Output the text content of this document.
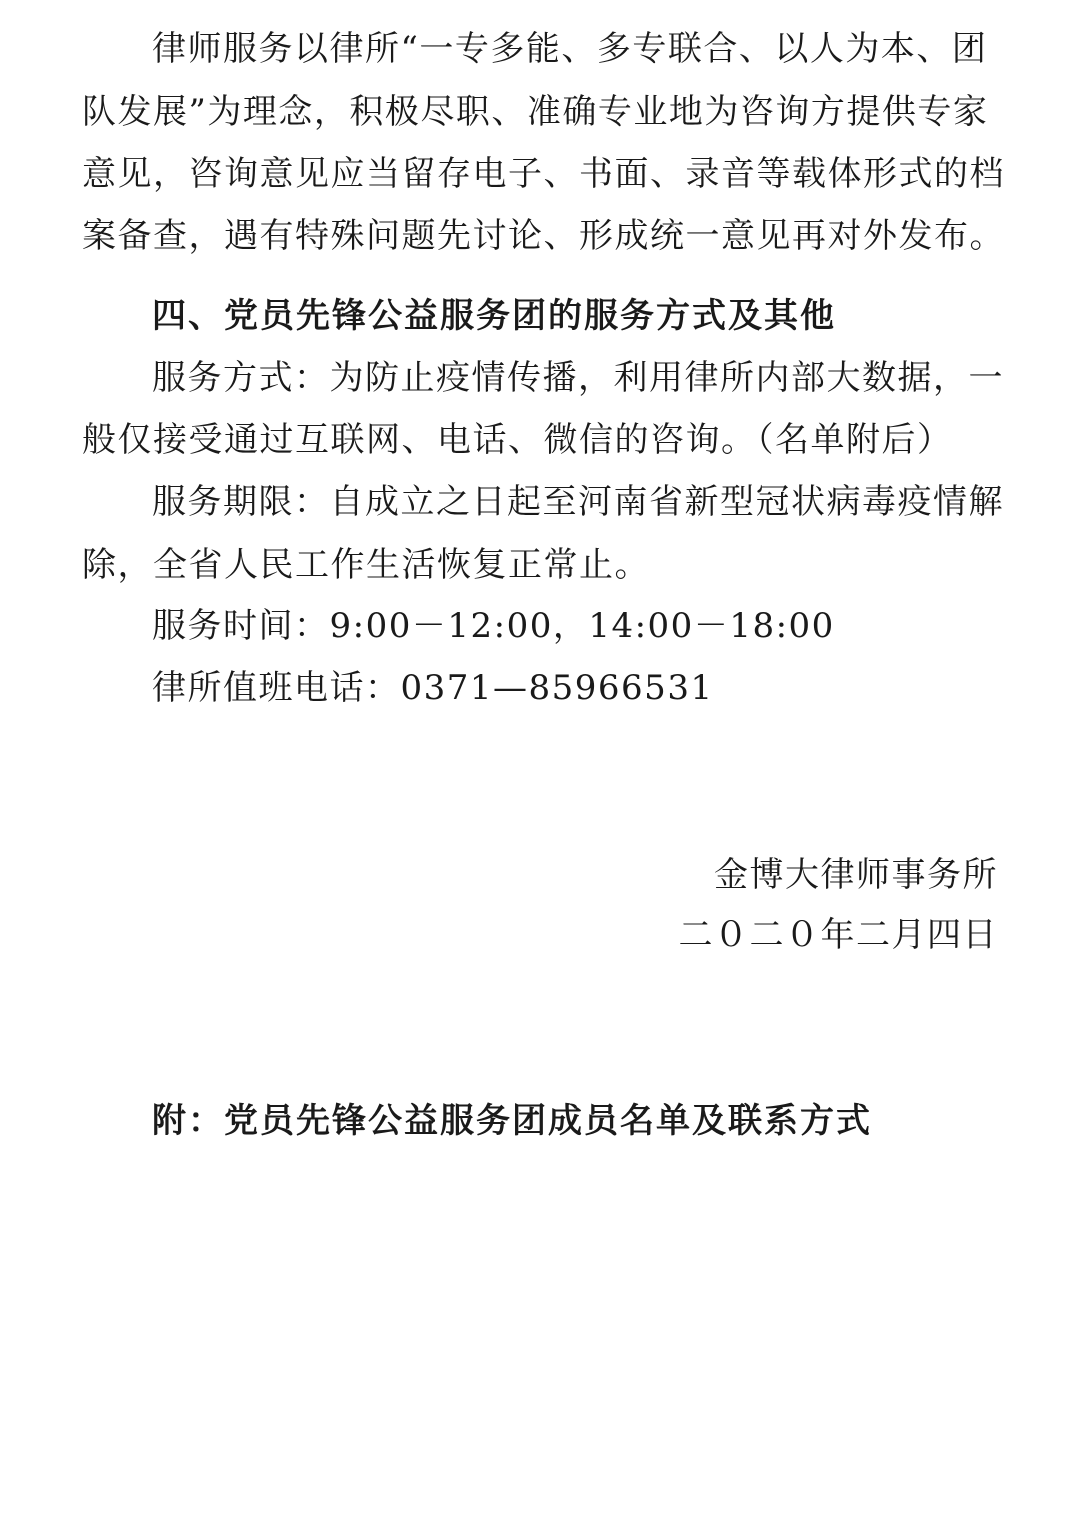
律师服务以律所“一专多能、多专联合、以人为本、团
队发展”为理念，积极尽职、准确专业地为咨询方提供专家
意见，咨询意见应当留存电子、书面、录音等载体形式的档
案备查，遇有特殊问题先讨论、形成统一意见再对外发布。
四、党员先锋公益服务团的服务方式及其他
服务方式：为防止疫情传播，利用律所内部大数据，一
般仅接受通过互联网、电话、微信的咨询。（名单附后）
服务期限：自成立之日起至河南省新型冠状病毒疫情解
除，全省人民工作生活恢复正常止。
服务时间：9:00－12:00，14:00－18:00
律所值班电话：0371—85966531
金博大律师事务所
二０二０年二月四日
附：党员先锋公益服务团成员名单及联系方式
